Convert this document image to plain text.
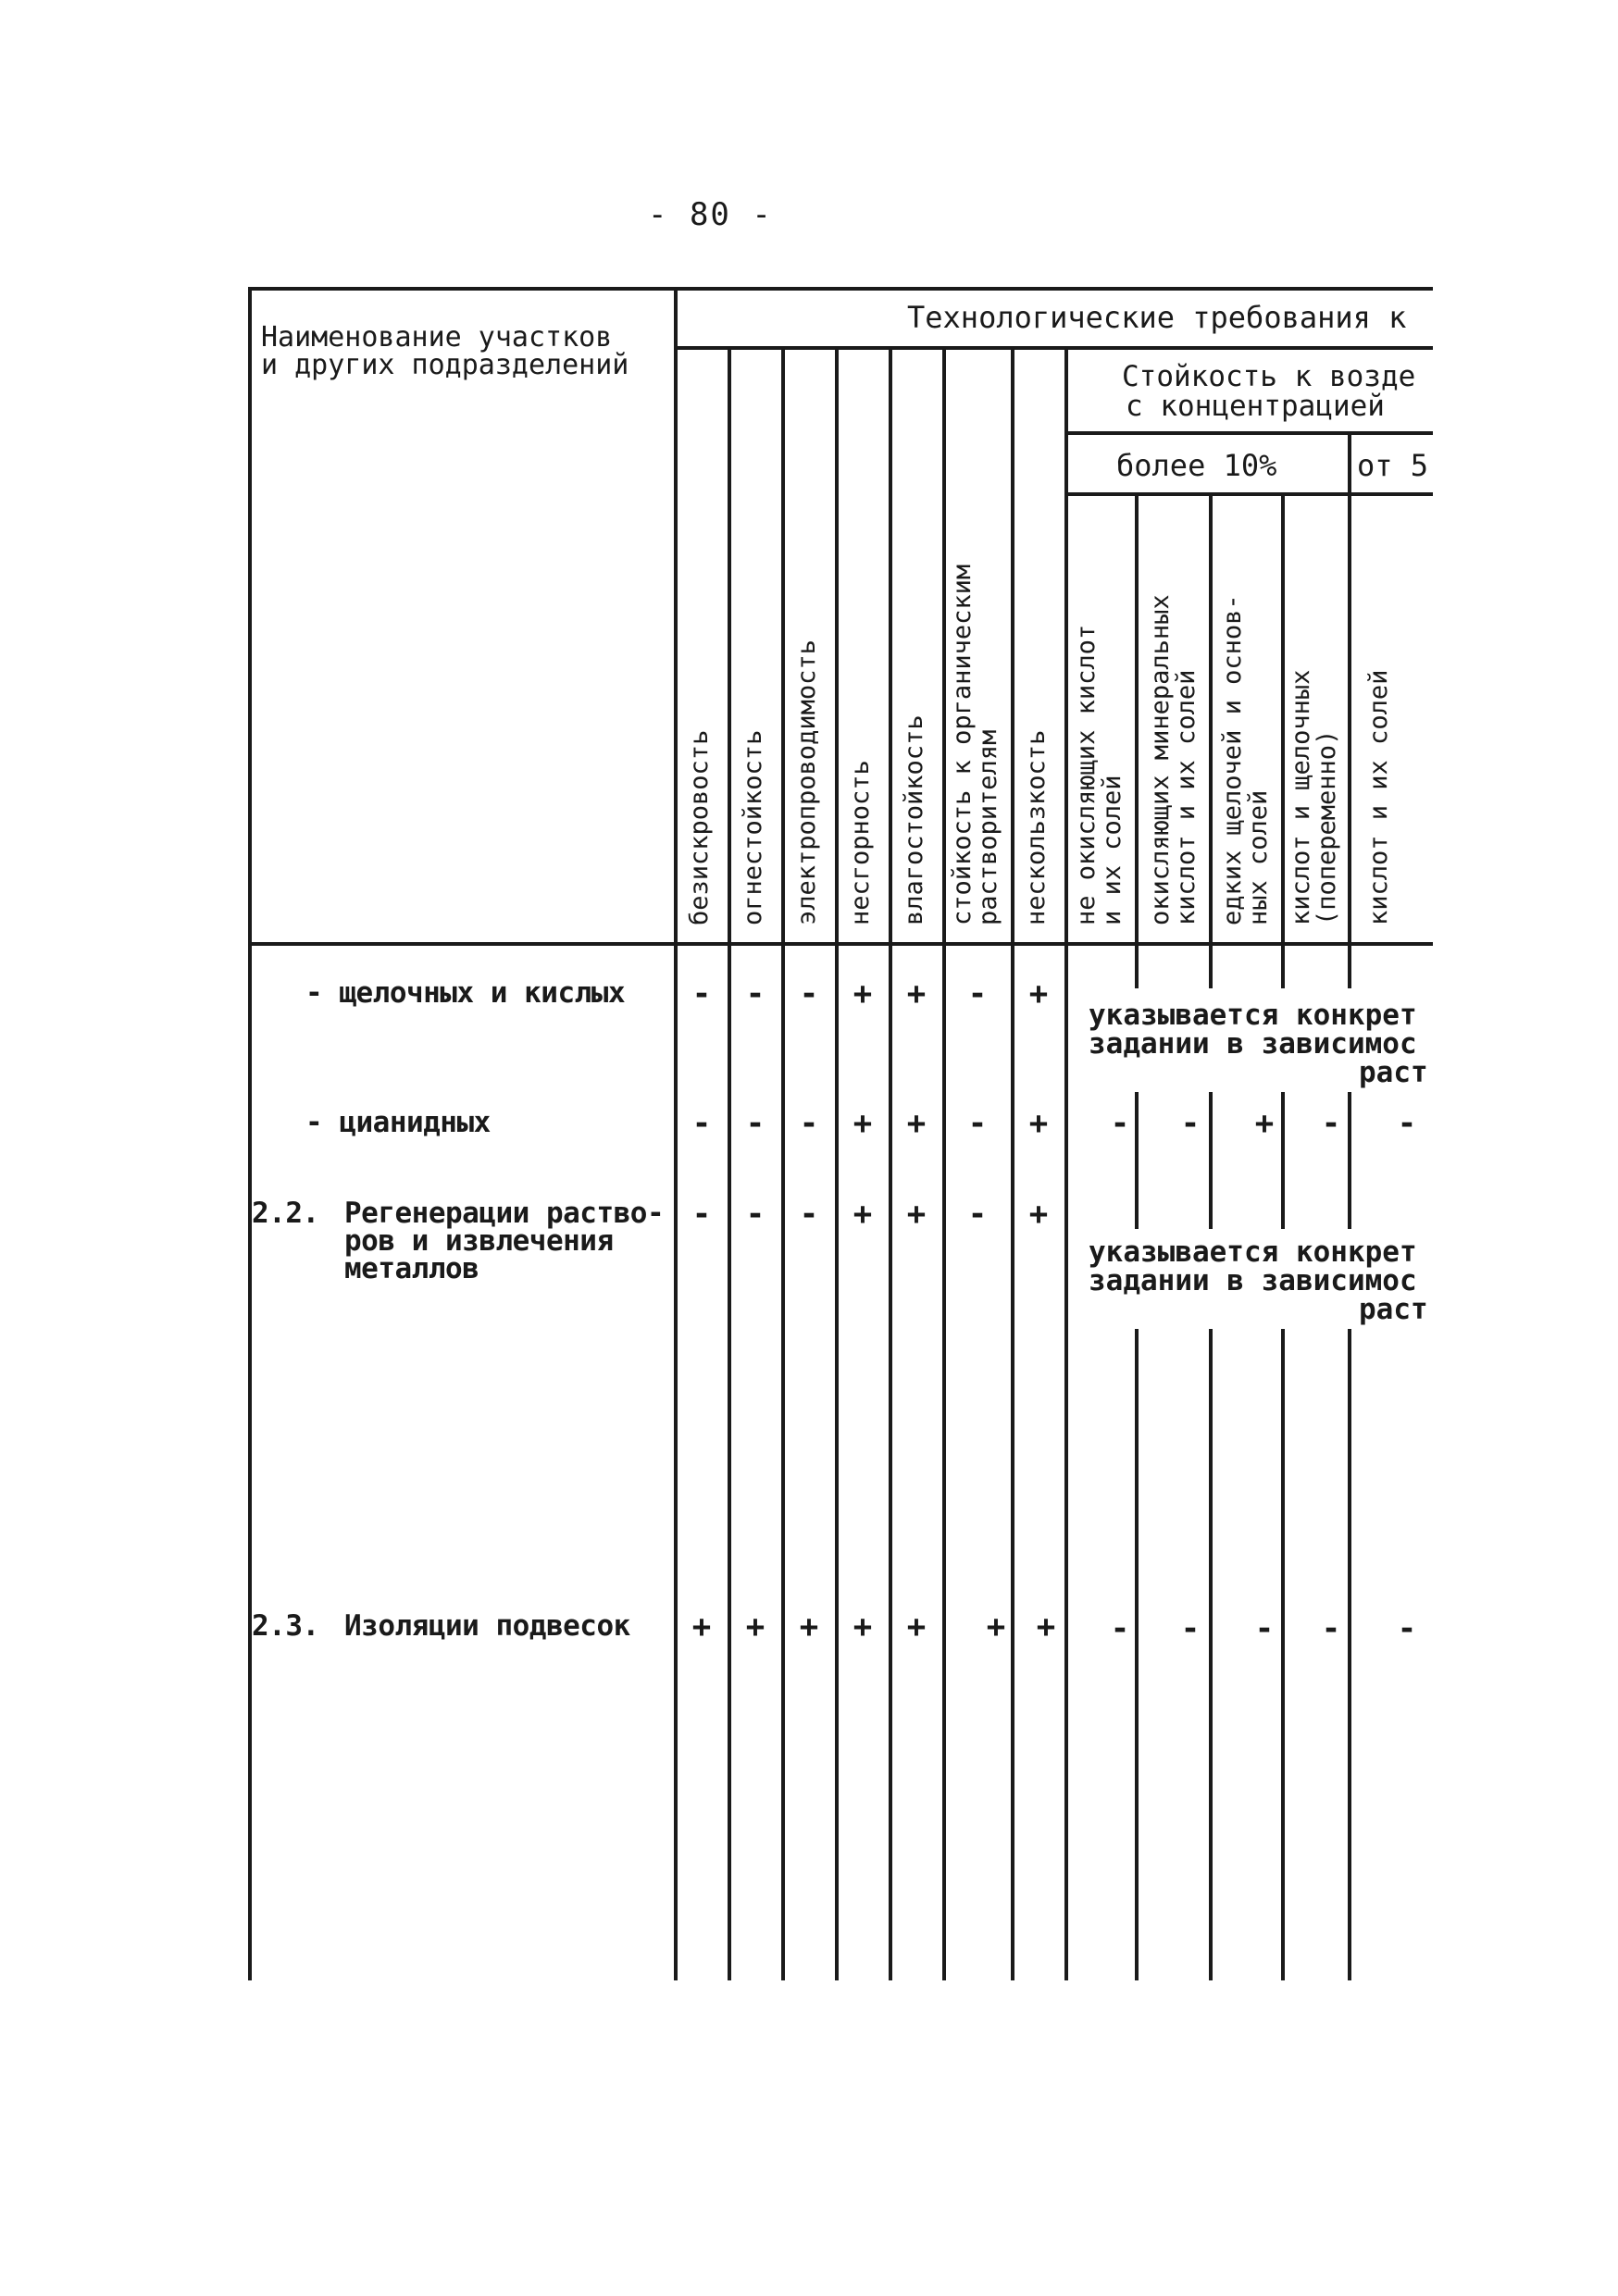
- 80 -
Наименование участков
и других подразделений
Технологические требования к
Стойкость к возде
с концентрацией
более 10%	от 5
безискровость огнестойкость электропроводимость несгорность влагостойкость стойкость к органическим
растворителям нескользкость не окисляющих кислот
и их солей окисляющих минеральных
кислот и их солей
едких щелочей и основ-
ных солей
кислот и щелочных
(попеременно) кислот и их солей
- щелочных и кислых - - - + + - +
указывается конкрет
задании в зависимос
раст
- цианидных	- - - + + - + - - + - -
2.2. Регенерации раство-
ров и извлечения
металлов
- - - + + - +
указывается конкрет
задании в зависимос
раст
2.3. Изоляции подвесок + + + + + + + - - - - -
